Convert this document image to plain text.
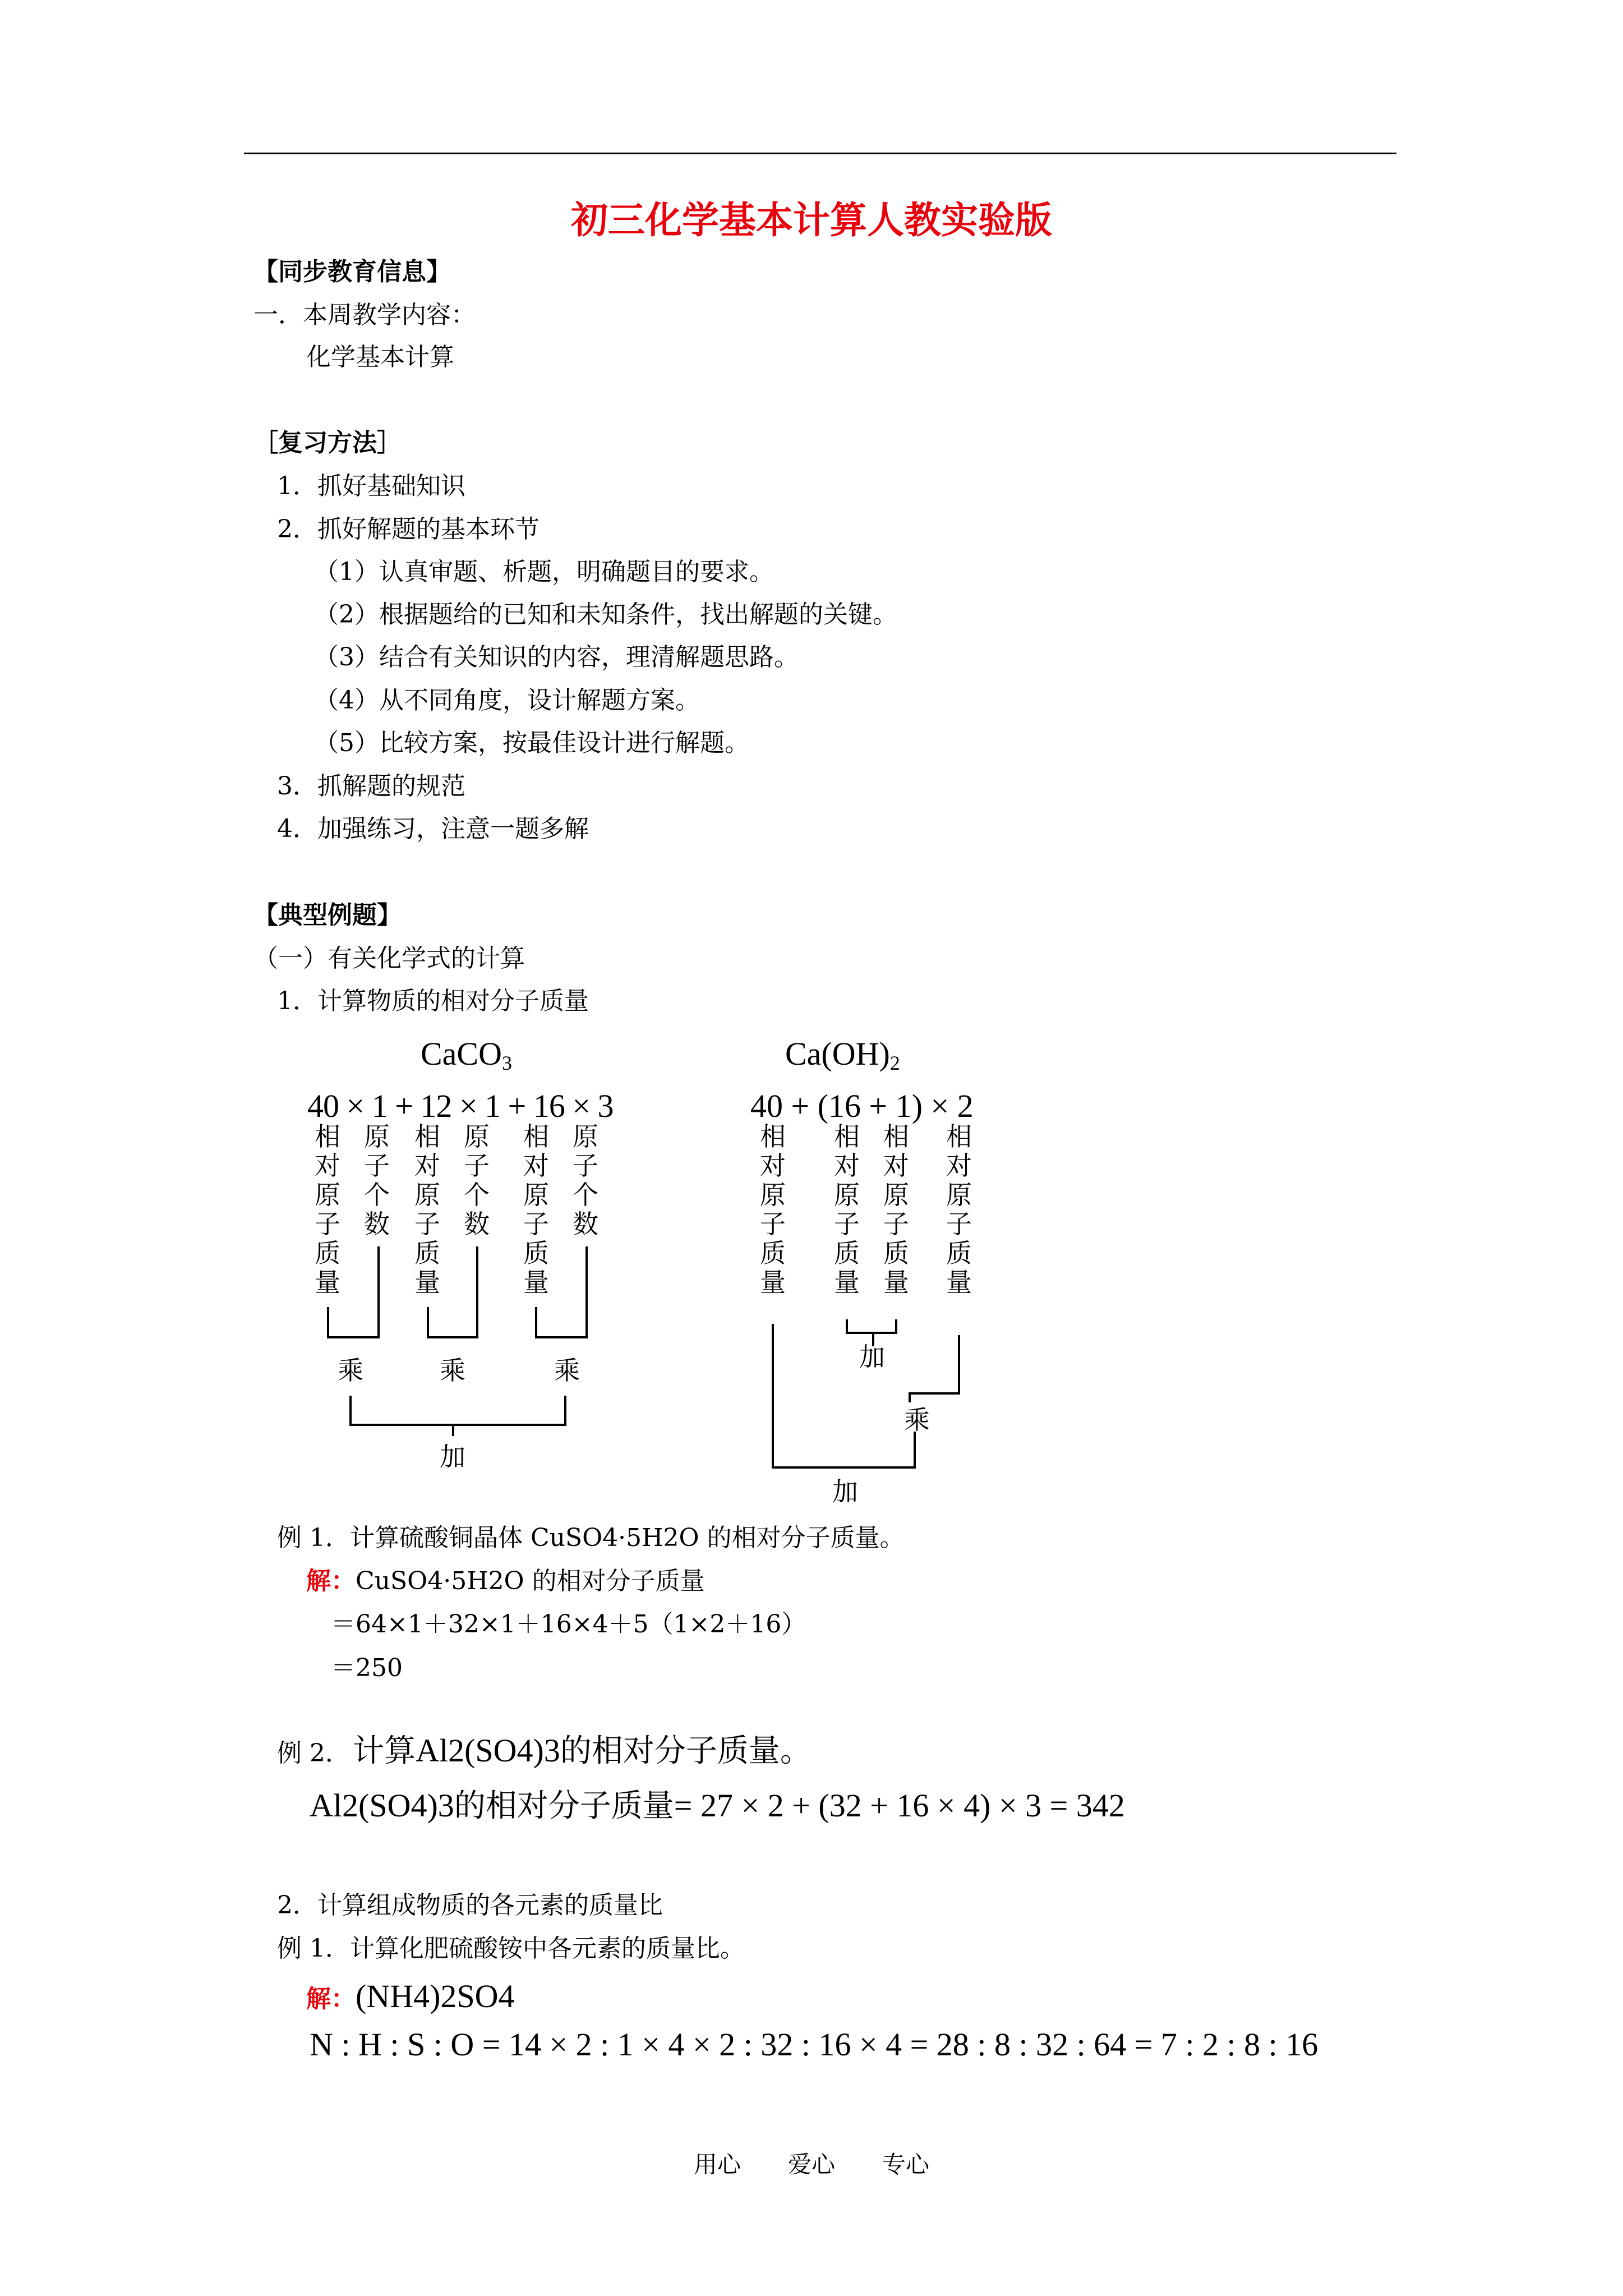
初三化学基本计算人教实验版
【同步教育信息】
一．本周教学内容：
化学基本计算
［复习方法］
1．抓好基础知识
2．抓好解题的基本环节
（1）认真审题、析题，明确题目的要求。
（2）根据题给的已知和未知条件，找出解题的关键。
（3）结合有关知识的内容，理清解题思路。
（4）从不同角度，设计解题方案。
（5）比较方案，按最佳设计进行解题。
3．抓解题的规范
4．加强练习，注意一题多解
【典型例题】
（一）有关化学式的计算
1．计算物质的相对分子质量
CaCO$_3$
40 × 1 + 12 × 1 + 16 × 3
相对原子质量
原子个数
相对原子质量
原子个数
相对原子质量
原子个数
乘	乘	乘
加
$Ca(OH)_2$
40 + (16 + 1) × 2
相对原子质量
相对原子质量
相对原子质量
相对原子质量
加
乘
加
例 1．计算硫酸铜晶体 CuSO4·5H2O 的相对分子质量。
解：CuSO4·5H2O 的相对分子质量
＝64×1＋32×1＋16×4＋5（1×2＋16）
＝250
例 2． 计算Al2(SO4)3的相对分子质量。
Al2(SO4)3的相对分子质量= 27 × 2 + (32 + 16 × 4) × 3 = 342
2．计算组成物质的各元素的质量比
例 1．计算化肥硫酸铵中各元素的质量比。
解：(NH4)2SO4
N : H : S : O = 14 × 2 : 1 × 4 × 2 : 32 : 16 × 4 = 28 : 8 : 32 : 64 = 7 : 2 : 8 : 16
用心　　爱心　　专心
